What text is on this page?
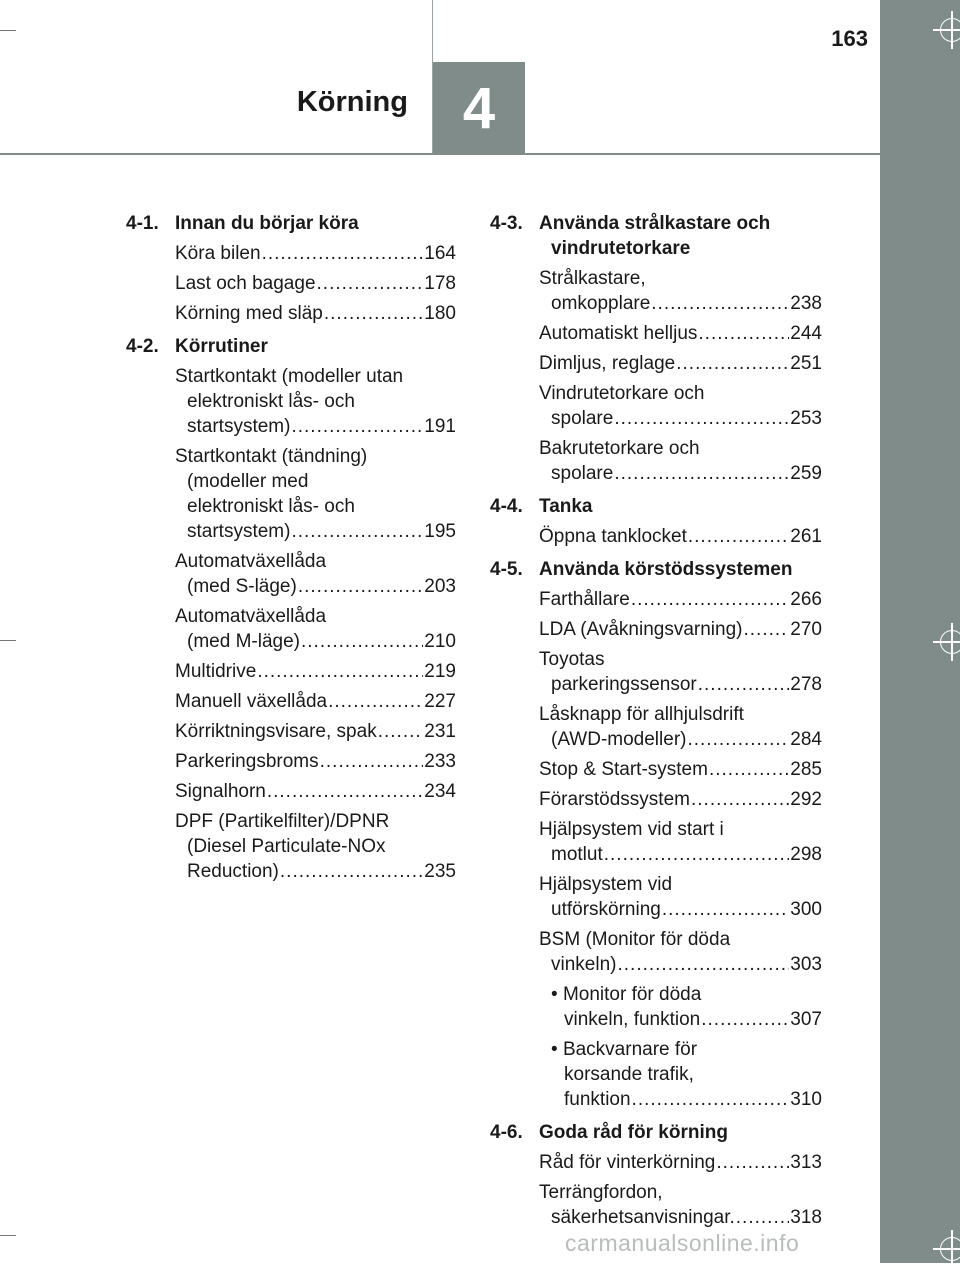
4
Körning
163
4-1. Innan du börjar köra
Köra bilen .....	164
Last och bagage .....	178
Körning med släp .....	180
4-2. Körrutiner
Startkontakt (modeller utan
elektroniskt lås- och
startsystem) .....	191
Startkontakt (tändning)
(modeller med
elektroniskt lås- och
startsystem) .....	195
Automatväxellåda
(med S-läge) .....	203
Automatväxellåda
(med M-läge) .....	210
Multidrive .....	219
Manuell växellåda .....	227
Körriktningsvisare, spak .....	231
Parkeringsbroms .....	233
Signalhorn .....	234
DPF (Partikelfilter)/DPNR
(Diesel Particulate-NOx
Reduction) .....	235
4-3. Använda strålkastare och
vindrutetorkare
Strålkastare,
omkopplare .....	238
Automatiskt helljus .....	244
Dimljus, reglage .....	251
Vindrutetorkare och
spolare .....	253
Bakrutetorkare och
spolare .....	259
4-4. Tanka
Öppna tanklocket .....	261
4-5. Använda körstödssystemen
Farthållare .....	266
LDA (Avåkningsvarning) .....	270
Toyotas
parkeringssensor .....	278
Låsknapp för allhjulsdrift
(AWD-modeller) .....	284
Stop & Start-system .....	285
Förarstödssystem .....	292
Hjälpsystem vid start i
motlut .....	298
Hjälpsystem vid
utförskörning .....	300
BSM (Monitor för döda
vinkeln) .....	303
• Monitor för döda
vinkeln, funktion .....	307
• Backvarnare för
korsande trafik,
funktion .....	310
4-6. Goda råd för körning
Råd för vinterkörning .....	313
Terrängfordon,
säkerhetsanvisningar. .....	318
carmanualsonline.info
